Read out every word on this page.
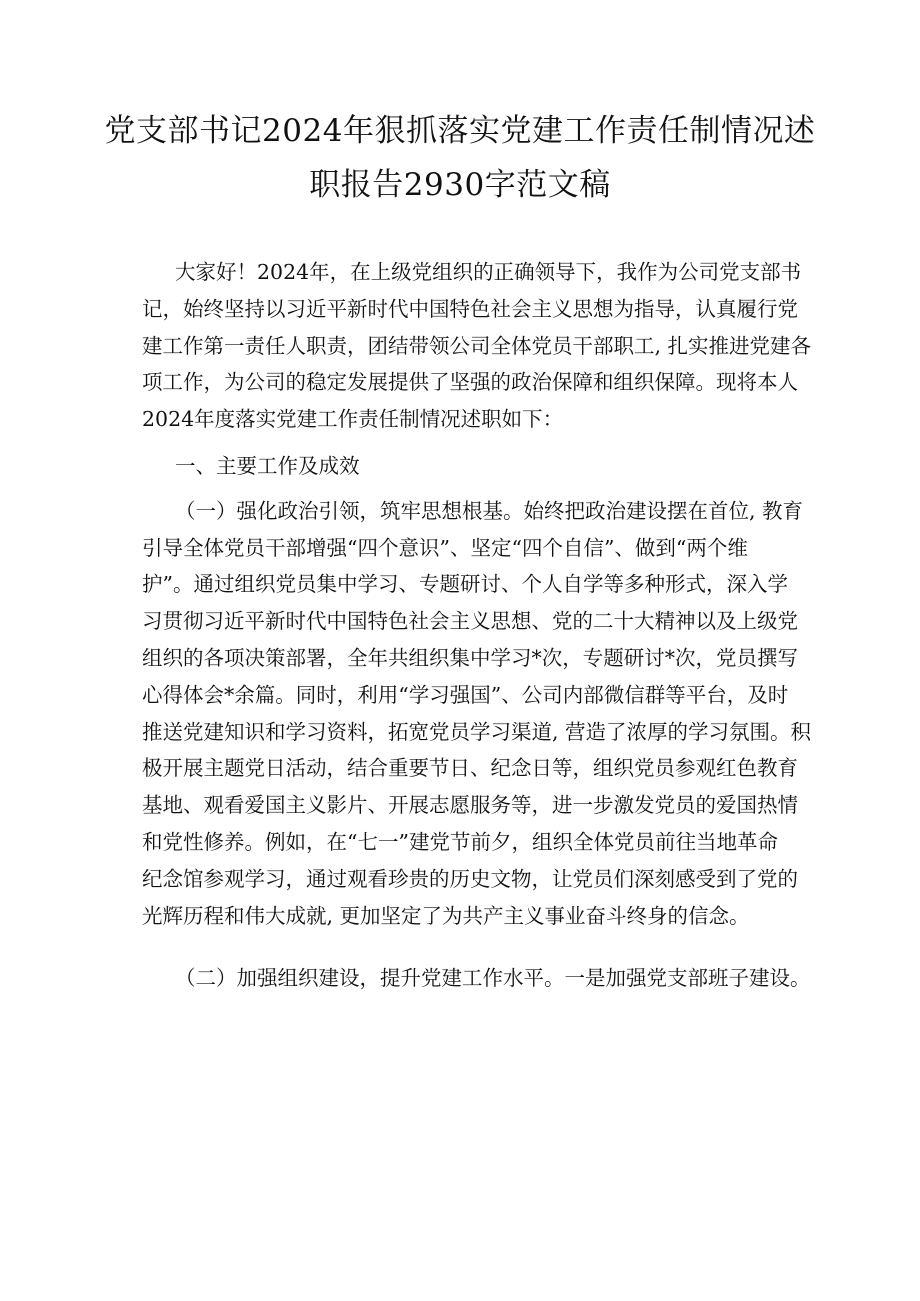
党支部书记2024年狠抓落实党建工作责任制情况述
职报告2930字范文稿
大家好！2024年，在上级党组织的正确领导下，我作为公司党支部书
记，始终坚持以习近平新时代中国特色社会主义思想为指导，认真履行党
建工作第一责任人职责，团结带领公司全体党员干部职工, 扎实推进党建各
项工作，为公司的稳定发展提供了坚强的政治保障和组织保障。现将本人
2024年度落实党建工作责任制情况述职如下：
一、主要工作及成效
（一）强化政治引领，筑牢思想根基。始终把政治建设摆在首位, 教育
引导全体党员干部增强“四个意识”、坚定“四个自信”、做到“两个维
护”。通过组织党员集中学习、专题研讨、个人自学等多种形式，深入学
习贯彻习近平新时代中国特色社会主义思想、党的二十大精神以及上级党
组织的各项决策部署，全年共组织集中学习*次，专题研讨*次，党员撰写
心得体会*余篇。同时，利用“学习强国”、公司内部微信群等平台，及时
推送党建知识和学习资料，拓宽党员学习渠道, 营造了浓厚的学习氛围。积
极开展主题党日活动，结合重要节日、纪念日等，组织党员参观红色教育
基地、观看爱国主义影片、开展志愿服务等，进一步激发党员的爱国热情
和党性修养。例如，在“七一”建党节前夕，组织全体党员前往当地革命
纪念馆参观学习，通过观看珍贵的历史文物，让党员们深刻感受到了党的
光辉历程和伟大成就, 更加坚定了为共产主义事业奋斗终身的信念。
（二）加强组织建设，提升党建工作水平。一是加强党支部班子建设。
